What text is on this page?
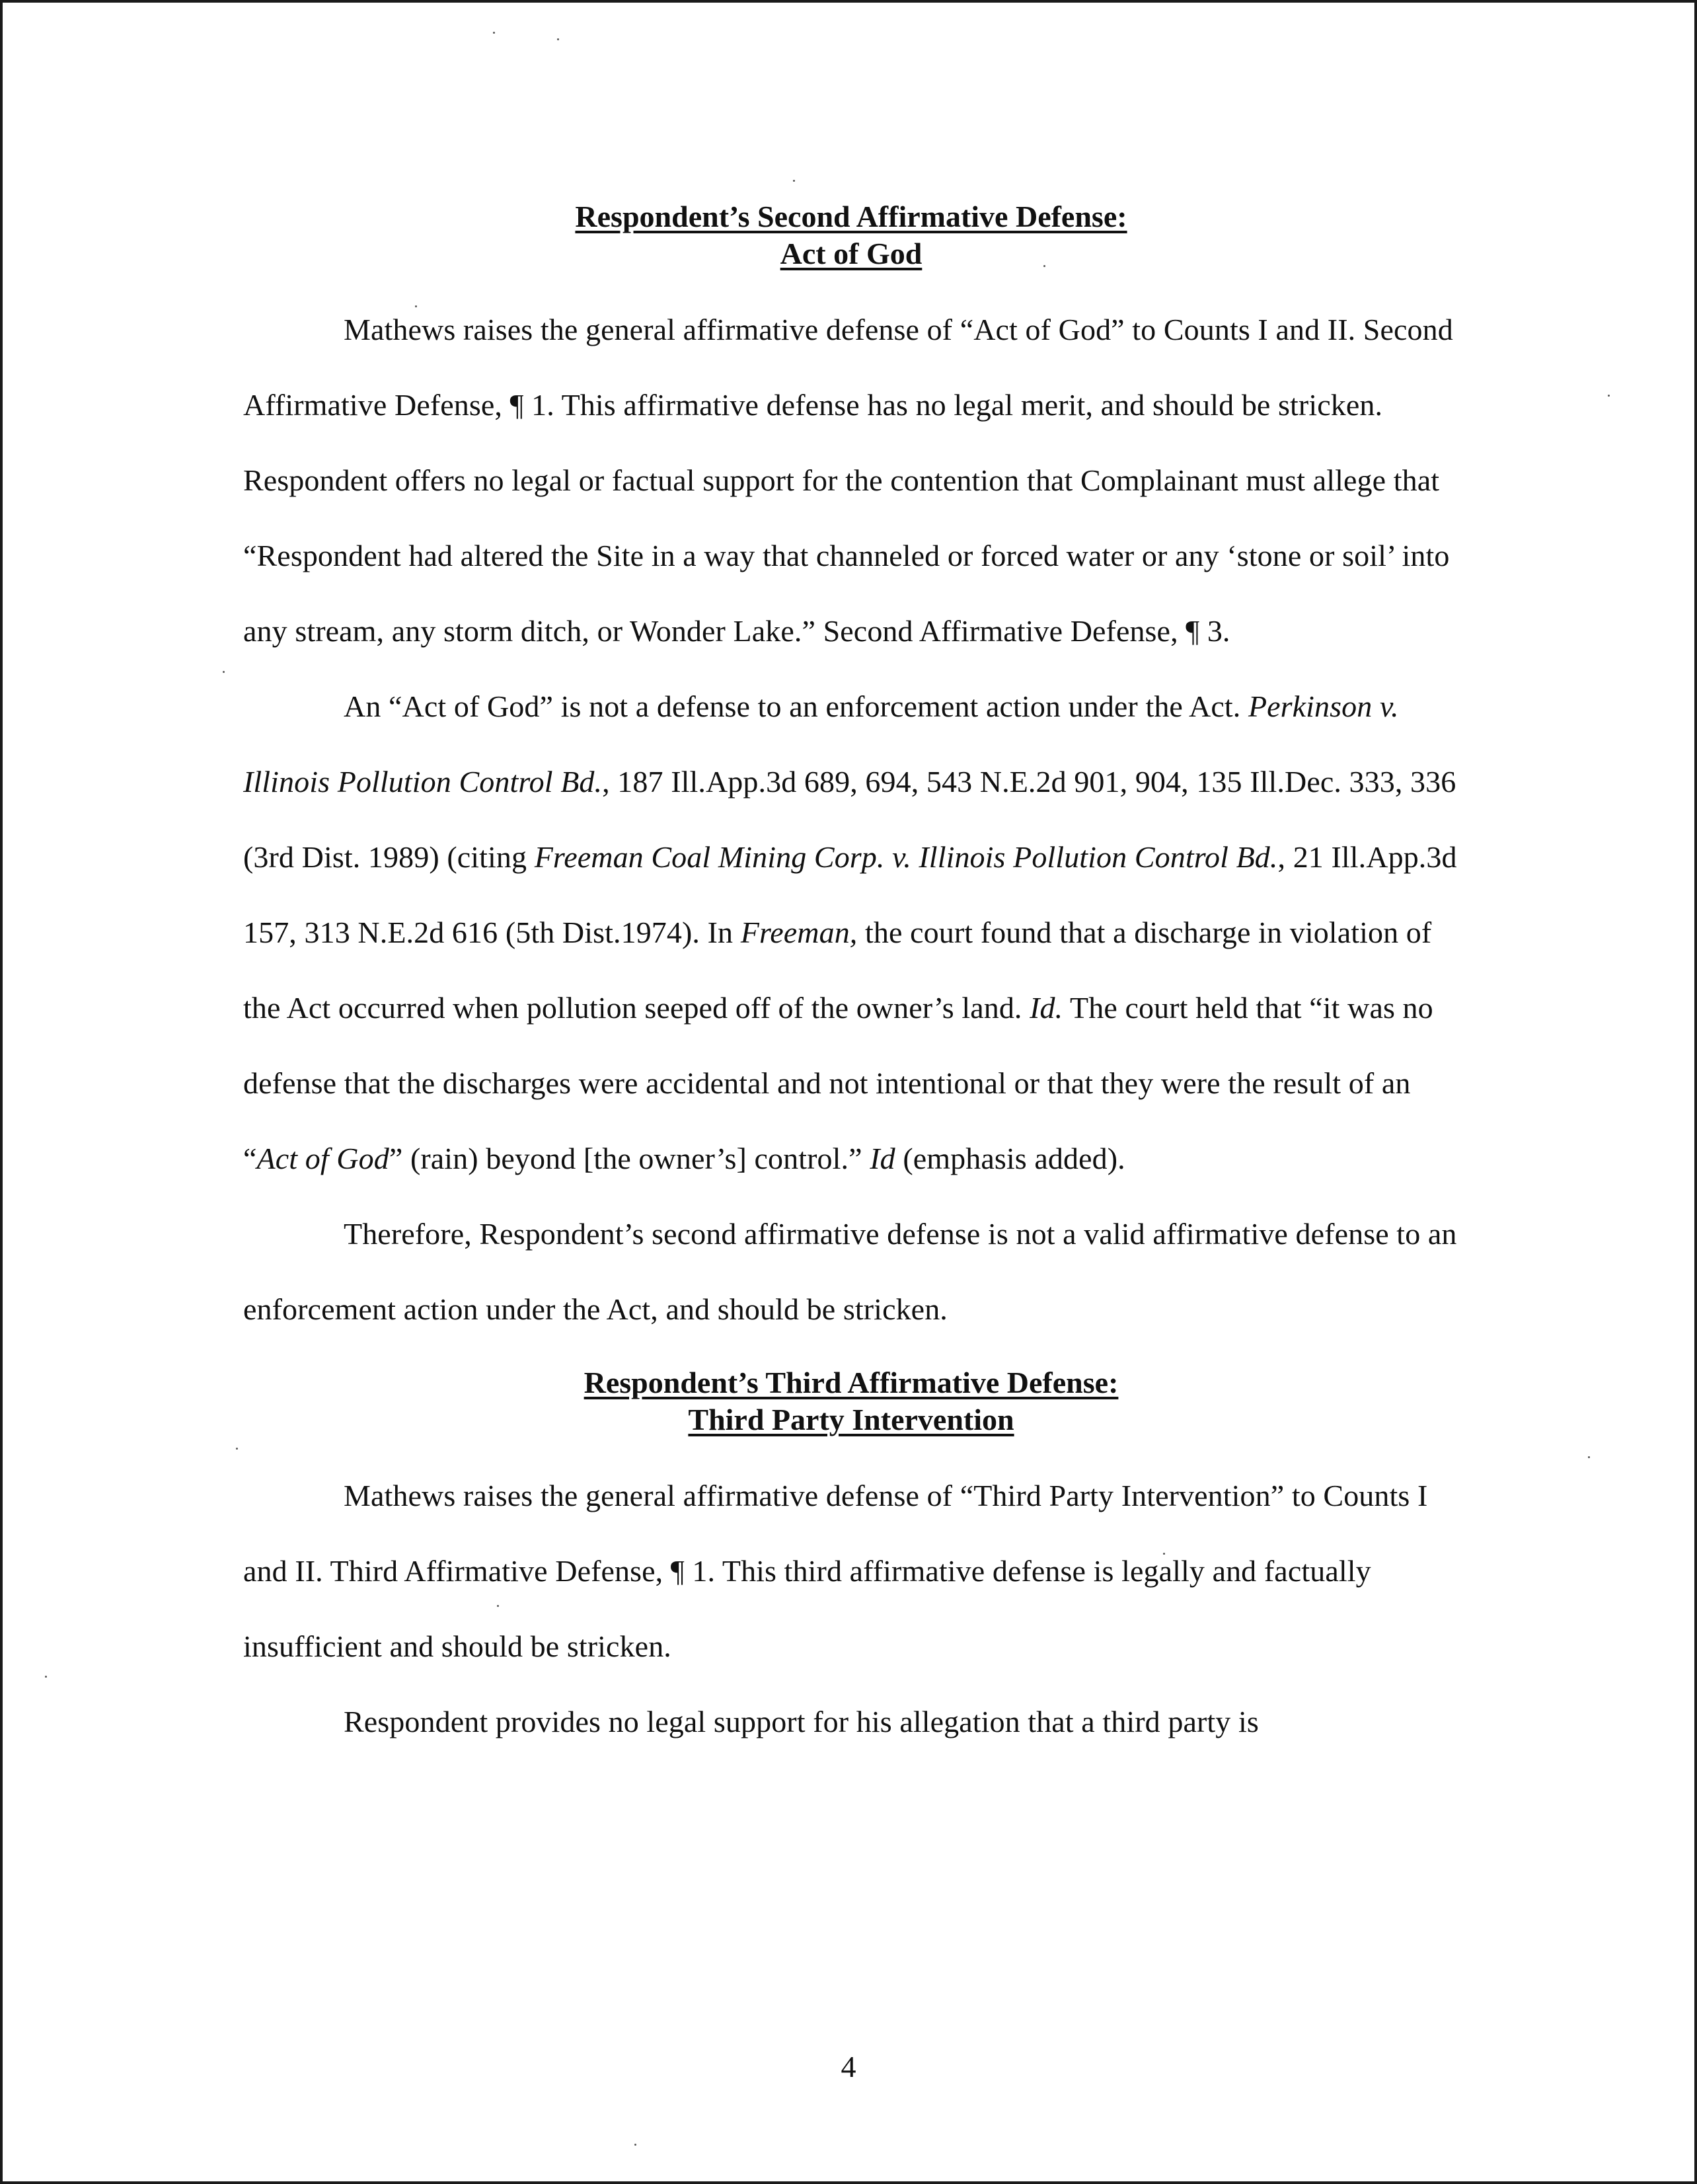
Respondent’s Second Affirmative Defense:

Act of God

Mathews raises the general affirmative defense of “Act of God” to Counts I and II. Second Affirmative Defense, ¶ 1. This affirmative defense has no legal merit, and should be stricken. Respondent offers no legal or factual support for the contention that Complainant must allege that “Respondent had altered the Site in a way that channeled or forced water or any ‘stone or soil’ into any stream, any storm ditch, or Wonder Lake.” Second Affirmative Defense, ¶ 3.

An “Act of God” is not a defense to an enforcement action under the Act. Perkinson v. Illinois Pollution Control Bd., 187 Ill.App.3d 689, 694, 543 N.E.2d 901, 904, 135 Ill.Dec. 333, 336 (3rd Dist. 1989) (citing Freeman Coal Mining Corp. v. Illinois Pollution Control Bd., 21 Ill.App.3d 157, 313 N.E.2d 616 (5th Dist.1974). In Freeman, the court found that a discharge in violation of the Act occurred when pollution seeped off of the owner’s land. Id. The court held that “it was no defense that the discharges were accidental and not intentional or that they were the result of an “Act of God” (rain) beyond [the owner’s] control.” Id (emphasis added).

Therefore, Respondent’s second affirmative defense is not a valid affirmative defense to an enforcement action under the Act, and should be stricken.

Respondent’s Third Affirmative Defense:

Third Party Intervention

Mathews raises the general affirmative defense of “Third Party Intervention” to Counts I and II. Third Affirmative Defense, ¶ 1. This third affirmative defense is legally and factually insufficient and should be stricken.

Respondent provides no legal support for his allegation that a third party is

4
